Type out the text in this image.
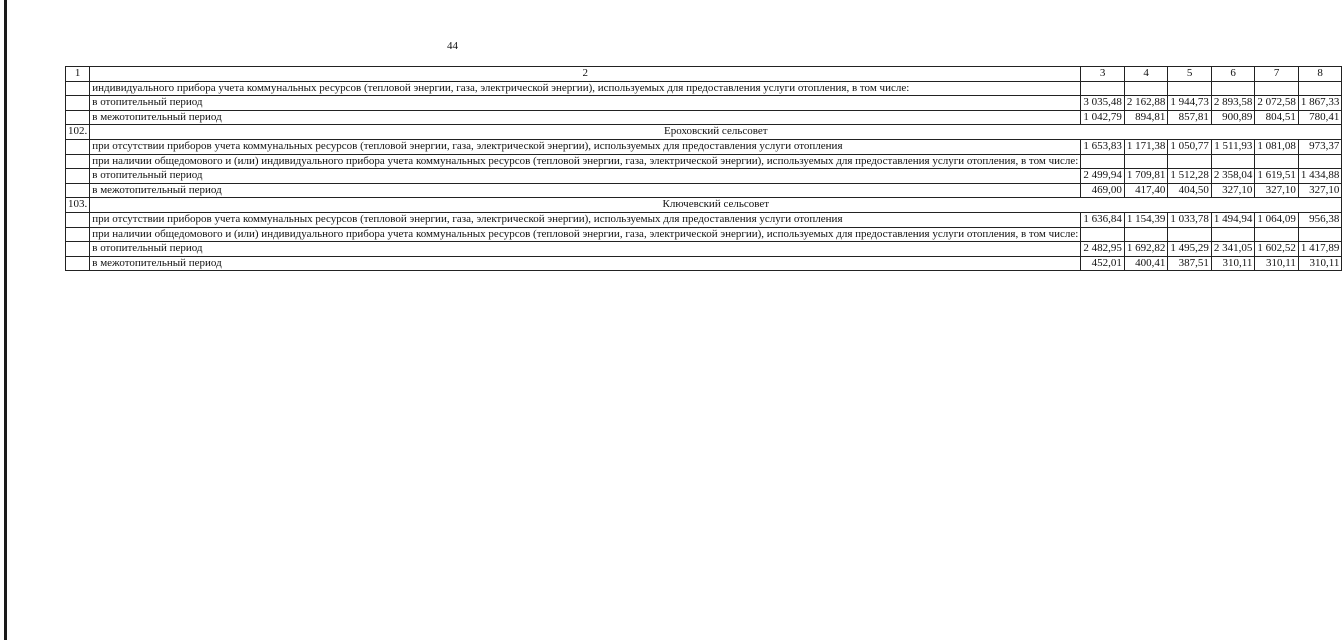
44
1	2	3	4	5	6	7	8
	индивидуального прибора учета коммунальных ресурсов (тепловой энергии, газа, электрической энергии), используемых для предоставления услуги отопления, в том числе:						
	в отопительный период	3 035,48	2 162,88	1 944,73	2 893,58	2 072,58	1 867,33
	в межотопительный период	1 042,79	894,81	857,81	900,89	804,51	780,41
102.	Ероховский сельсовет						
	при отсутствии приборов учета коммунальных ресурсов (тепловой энергии, газа, электрической энергии), используемых для предоставления услуги отопления	1 653,83	1 171,38	1 050,77	1 511,93	1 081,08	973,37
	при наличии общедомового и (или) индивидуального прибора учета коммунальных ресурсов (тепловой энергии, газа, электрической энергии), используемых для предоставления услуги отопления, в том числе:						
	в отопительный период	2 499,94	1 709,81	1 512,28	2 358,04	1 619,51	1 434,88
	в межотопительный период	469,00	417,40	404,50	327,10	327,10	327,10
103.	Ключевский сельсовет						
	при отсутствии приборов учета коммунальных ресурсов (тепловой энергии, газа, электрической энергии), используемых для предоставления услуги отопления	1 636,84	1 154,39	1 033,78	1 494,94	1 064,09	956,38
	при наличии общедомового и (или) индивидуального прибора учета коммунальных ресурсов (тепловой энергии, газа, электрической энергии), используемых для предоставления услуги отопления, в том числе:						
	в отопительный период	2 482,95	1 692,82	1 495,29	2 341,05	1 602,52	1 417,89
	в межотопительный период	452,01	400,41	387,51	310,11	310,11	310,11
